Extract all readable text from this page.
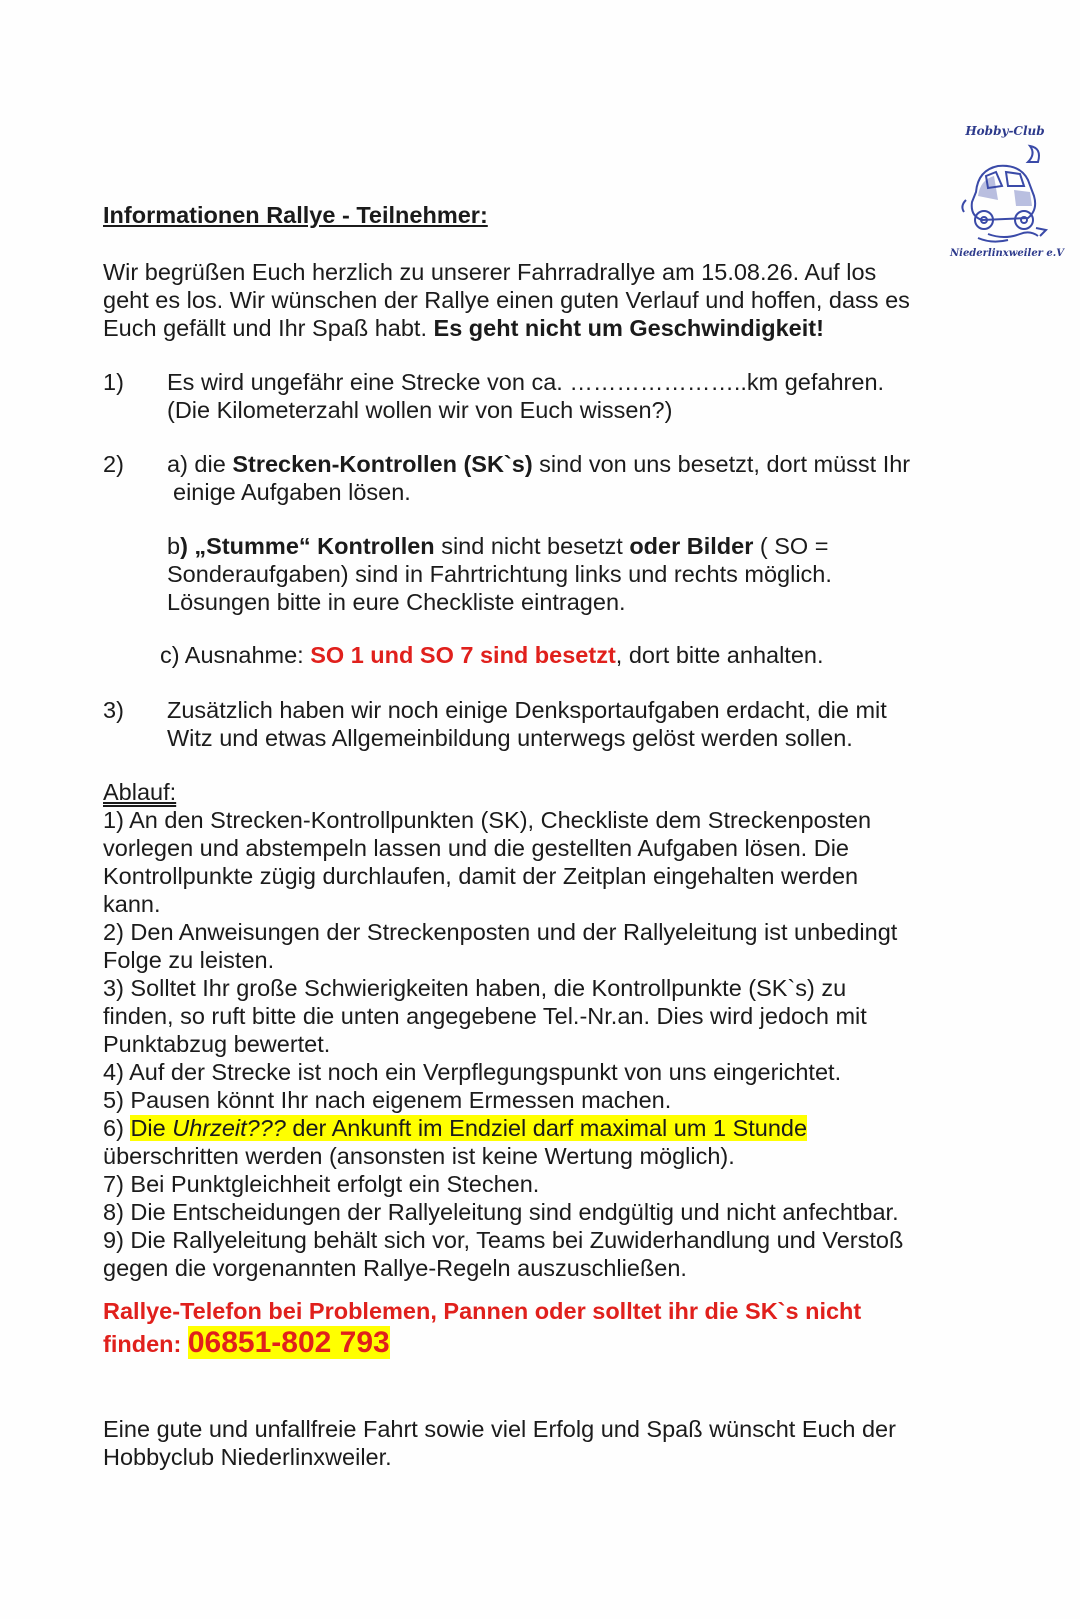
Hobby-Club
Niederlinxweiler e.V
Informationen Rallye - Teilnehmer:
Wir begrüßen Euch herzlich zu unserer Fahrradrallye am 15.08.26. Auf los
geht es los. Wir wünschen der Rallye einen guten Verlauf und hoffen, dass es
Euch gefällt und Ihr Spaß habt. Es geht nicht um Geschwindigkeit!
1) Es wird ungefähr eine Strecke von ca. …………………..km gefahren.
(Die Kilometerzahl wollen wir von Euch wissen?)
2) a) die Strecken-Kontrollen (SK`s) sind von uns besetzt, dort müsst Ihr
einige Aufgaben lösen.
b) „Stumme“ Kontrollen sind nicht besetzt oder Bilder ( SO =
Sonderaufgaben) sind in Fahrtrichtung links und rechts möglich.
Lösungen bitte in eure Checkliste eintragen.
c) Ausnahme: SO 1 und SO 7 sind besetzt, dort bitte anhalten.
3) Zusätzlich haben wir noch einige Denksportaufgaben erdacht, die mit
Witz und etwas Allgemeinbildung unterwegs gelöst werden sollen.
Ablauf:
1) An den Strecken-Kontrollpunkten (SK), Checkliste dem Streckenposten
vorlegen und abstempeln lassen und die gestellten Aufgaben lösen. Die
Kontrollpunkte zügig durchlaufen, damit der Zeitplan eingehalten werden
kann.
2) Den Anweisungen der Streckenposten und der Rallyeleitung ist unbedingt
Folge zu leisten.
3) Solltet Ihr große Schwierigkeiten haben, die Kontrollpunkte (SK`s) zu
finden, so ruft bitte die unten angegebene Tel.-Nr.an. Dies wird jedoch mit
Punktabzug bewertet.
4) Auf der Strecke ist noch ein Verpflegungspunkt von uns eingerichtet.
5) Pausen könnt Ihr nach eigenem Ermessen machen.
6) Die Uhrzeit??? der Ankunft im Endziel darf maximal um 1 Stunde
überschritten werden (ansonsten ist keine Wertung möglich).
7) Bei Punktgleichheit erfolgt ein Stechen.
8) Die Entscheidungen der Rallyeleitung sind endgültig und nicht anfechtbar.
9) Die Rallyeleitung behält sich vor, Teams bei Zuwiderhandlung und Verstoß
gegen die vorgenannten Rallye-Regeln auszuschließen.
Rallye-Telefon bei Problemen, Pannen oder solltet ihr die SK`s nicht
finden: 06851-802 793
Eine gute und unfallfreie Fahrt sowie viel Erfolg und Spaß wünscht Euch der
Hobbyclub Niederlinxweiler.
